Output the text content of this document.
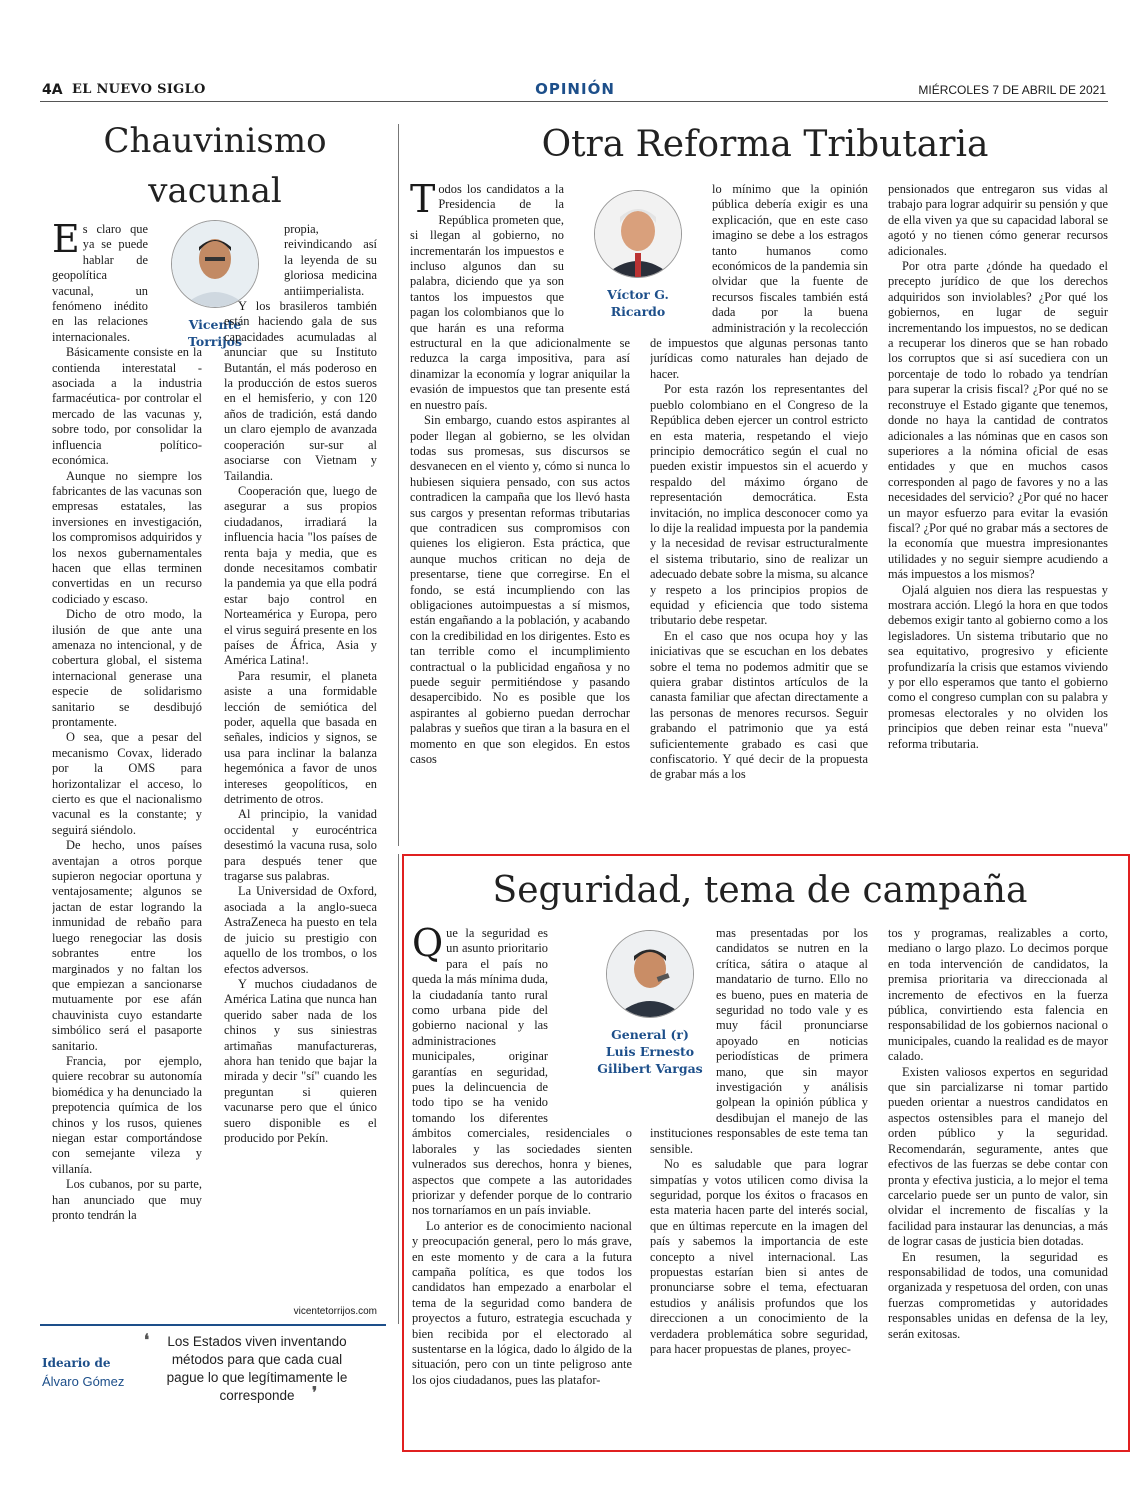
4A EL NUEVO SIGLO	OPINIÓN	MIÉRCOLES 7 DE ABRIL DE 2021
Chauvinismo vacunal
Vicente Torrijos

Es claro que ya se puede hablar de geopolítica vacunal, un fenómeno inédito en las relaciones internacionales.

Básicamente consiste en la contienda interestatal -asociada a la industria farmacéutica- por controlar el mercado de las vacunas y, sobre todo, por consolidar la influencia político-económica.

Aunque no siempre los fabricantes de las vacunas son empresas estatales, las inversiones en investigación, los compromisos adquiridos y los nexos gubernamentales hacen que ellas terminen convertidas en un recurso codiciado y escaso.

Dicho de otro modo, la ilusión de que ante una amenaza no intencional, y de cobertura global, el sistema internacional generase una especie de solidarismo sanitario se desdibujó prontamente.

O sea, que a pesar del mecanismo Covax, liderado por la OMS para horizontalizar el acceso, lo cierto es que el nacionalismo vacunal es la constante; y seguirá siéndolo.

De hecho, unos países aventajan a otros porque supieron negociar oportuna y ventajosamente; algunos se jactan de estar logrando la inmunidad de rebaño para luego renegociar las dosis sobrantes entre los marginados y no faltan los que empiezan a sancionarse mutuamente por ese afán chauvinista cuyo estandarte simbólico será el pasaporte sanitario.

Francia, por ejemplo, quiere recobrar su autonomía biomédica y ha denunciado la prepotencia química de los chinos y los rusos, quienes niegan estar comportándose con semejante vileza y villanía.

Los cubanos, por su parte, han anunciado que muy pronto tendrán la

propia, reivindicando así la leyenda de su gloriosa medicina antiimperialista.

Y los brasileros también están haciendo gala de sus capacidades acumuladas al anunciar que su Instituto Butantán, el más poderoso en la producción de estos sueros en el hemisferio, y con 120 años de tradición, está dando un claro ejemplo de avanzada cooperación sur-sur al asociarse con Vietnam y Tailandia.

Cooperación que, luego de asegurar a sus propios ciudadanos, irradiará la influencia hacia "los países de renta baja y media, que es donde necesitamos combatir la pandemia ya que ella podrá estar bajo control en Norteamérica y Europa, pero el virus seguirá presente en los países de África, Asia y América Latina!.

Para resumir, el planeta asiste a una formidable lección de semiótica del poder, aquella que basada en señales, indicios y signos, se usa para inclinar la balanza hegemónica a favor de unos intereses geopolíticos, en detrimento de otros.

Al principio, la vanidad occidental y eurocéntrica desestimó la vacuna rusa, solo para después tener que tragarse sus palabras.

La Universidad de Oxford, asociada a la anglo-sueca AstraZeneca ha puesto en tela de juicio su prestigio con aquello de los trombos, o los efectos adversos.

Y muchos ciudadanos de América Latina que nunca han querido saber nada de los chinos y sus siniestras artimañas manufactureras, ahora han tenido que bajar la mirada y decir "sí" cuando les preguntan si quieren vacunarse pero que el único suero disponible es el producido por Pekín.

vicentetorrijos.com
Ideario de
Álvaro Gómez
❛	Los Estados viven inventando métodos para que cada cual pague lo que legítimamente le corresponde	❜
Otra Reforma Tributaria
Víctor G. Ricardo

Todos los candidatos a la Presidencia de la República prometen que, si llegan al gobierno, no incrementarán los impuestos e incluso algunos dan su palabra, diciendo que ya son tantos los impuestos que pagan los colombianos que lo que harán es una reforma estructural en la que adicionalmente se reduzca la carga impositiva, para así dinamizar la economía y lograr aniquilar la evasión de impuestos que tan presente está en nuestro país.

Sin embargo, cuando estos aspirantes al poder llegan al gobierno, se les olvidan todas sus promesas, sus discursos se desvanecen en el viento y, cómo si nunca lo hubiesen siquiera pensado, con sus actos contradicen la campaña que los llevó hasta sus cargos y presentan reformas tributarias que contradicen sus compromisos con quienes los eligieron. Esta práctica, que aunque muchos critican no deja de presentarse, tiene que corregirse. En el fondo, se está incumpliendo con las obligaciones autoimpuestas a sí mismos, están engañando a la población, y acabando con la credibilidad en los dirigentes. Esto es tan terrible como el incumplimiento contractual o la publicidad engañosa y no puede seguir permitiéndose y pasando desapercibido. No es posible que los aspirantes al gobierno puedan derrochar palabras y sueños que tiran a la basura en el momento en que son elegidos. En estos casos

lo mínimo que la opinión pública debería exigir es una explicación, que en este caso imagino se debe a los estragos tanto humanos como económicos de la pandemia sin olvidar que la fuente de recursos fiscales también está dada por la buena administración y la recolección de impuestos que algunas personas tanto jurídicas como naturales han dejado de hacer.

Por esta razón los representantes del pueblo colombiano en el Congreso de la República deben ejercer un control estricto en esta materia, respetando el viejo principio democrático según el cual no pueden existir impuestos sin el acuerdo y respaldo del máximo órgano de representación democrática. Esta invitación, no implica desconocer como ya lo dije la realidad impuesta por la pandemia y la necesidad de revisar estructuralmente el sistema tributario, sino de realizar un adecuado debate sobre la misma, su alcance y respeto a los principios propios de equidad y eficiencia que todo sistema tributario debe respetar.

En el caso que nos ocupa hoy y las iniciativas que se escuchan en los debates sobre el tema no podemos admitir que se quiera grabar distintos artículos de la canasta familiar que afectan directamente a las personas de menores recursos. Seguir grabando el patrimonio que ya está suficientemente grabado es casi que confiscatorio. Y qué decir de la propuesta de grabar más a los

pensionados que entregaron sus vidas al trabajo para lograr adquirir su pensión y que de ella viven ya que su capacidad laboral se agotó y no tienen cómo generar recursos adicionales.

Por otra parte ¿dónde ha quedado el precepto jurídico de que los derechos adquiridos son inviolables? ¿Por qué los gobiernos, en lugar de seguir incrementando los impuestos, no se dedican a recuperar los dineros que se han robado los corruptos que si así sucediera con un porcentaje de todo lo robado ya tendrían para superar la crisis fiscal? ¿Por qué no se reconstruye el Estado gigante que tenemos, donde no haya la cantidad de contratos adicionales a las nóminas que en casos son superiores a la nómina oficial de esas entidades y que en muchos casos corresponden al pago de favores y no a las necesidades del servicio? ¿Por qué no hacer un mayor esfuerzo para evitar la evasión fiscal? ¿Por qué no grabar más a sectores de la economía que muestra impresionantes utilidades y no seguir siempre acudiendo a más impuestos a los mismos?

Ojalá alguien nos diera las respuestas y mostrara acción. Llegó la hora en que todos debemos exigir tanto al gobierno como a los legisladores. Un sistema tributario que no sea equitativo, progresivo y eficiente profundizaría la crisis que estamos viviendo y por ello esperamos que tanto el gobierno como el congreso cumplan con su palabra y promesas electorales y no olviden los principios que deben reinar esta "nueva" reforma tributaria.

Seguridad, tema de campaña
General (r)
Luis Ernesto
Gilibert Vargas

Que la seguridad es un asunto prioritario para el país no queda la más mínima duda, la ciudadanía tanto rural como urbana pide del gobierno nacional y las administraciones municipales, originar garantías en seguridad, pues la delincuencia de todo tipo se ha venido tomando los diferentes ámbitos comerciales, residenciales o laborales y las sociedades sienten vulnerados sus derechos, honra y bienes, aspectos que compete a las autoridades priorizar y defender porque de lo contrario nos tornaríamos en un país inviable.

Lo anterior es de conocimiento nacional y preocupación general, pero lo más grave, en este momento y de cara a la futura campaña política, es que todos los candidatos han empezado a enarbolar el tema de la seguridad como bandera de proyectos a futuro, estrategia escuchada y bien recibida por el electorado al sustentarse en la lógica, dado lo álgido de la situación, pero con un tinte peligroso ante los ojos ciudadanos, pues las platafor-

mas presentadas por los candidatos se nutren en la crítica, sátira o ataque al mandatario de turno. Ello no es bueno, pues en materia de seguridad no todo vale y es muy fácil pronunciarse apoyado en noticias periodísticas de primera mano, que sin mayor investigación y análisis golpean la opinión pública y desdibujan el manejo de las instituciones responsables de este tema tan sensible.

No es saludable que para lograr simpatías y votos utilicen como divisa la seguridad, porque los éxitos o fracasos en esta materia hacen parte del interés social, que en últimas repercute en la imagen del país y sabemos la importancia de este concepto a nivel internacional. Las propuestas estarían bien si antes de pronunciarse sobre el tema, efectuaran estudios y análisis profundos que los direccionen a un conocimiento de la verdadera problemática sobre seguridad, para hacer propuestas de planes, proyec-

tos y programas, realizables a corto, mediano o largo plazo. Lo decimos porque en toda intervención de candidatos, la premisa prioritaria va direccionada al incremento de efectivos en la fuerza pública, convirtiendo esta falencia en responsabilidad de los gobiernos nacional o municipales, cuando la realidad es de mayor calado.

Existen valiosos expertos en seguridad que sin parcializarse ni tomar partido pueden orientar a nuestros candidatos en aspectos ostensibles para el manejo del orden público y la seguridad. Recomendarán, seguramente, antes que efectivos de las fuerzas se debe contar con pronta y efectiva justicia, a lo mejor el tema carcelario puede ser un punto de valor, sin olvidar el incremento de fiscalías y la facilidad para instaurar las denuncias, a más de lograr casas de justicia bien dotadas.

En resumen, la seguridad es responsabilidad de todos, una comunidad organizada y respetuosa del orden, con unas fuerzas comprometidas y autoridades responsables unidas en defensa de la ley, serán exitosas.
